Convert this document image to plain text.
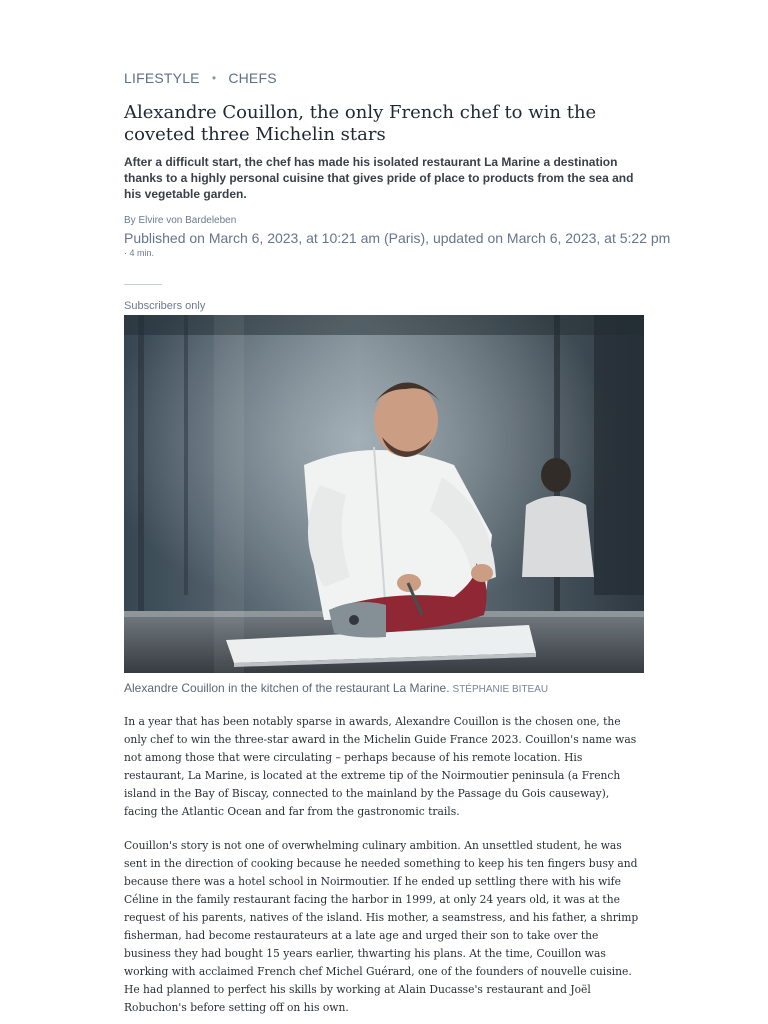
LIFESTYLE • CHEFS
Alexandre Couillon, the only French chef to win the coveted three Michelin stars

After a difficult start, the chef has made his isolated restaurant La Marine a destination thanks to a highly personal cuisine that gives pride of place to products from the sea and his vegetable garden.

By Elvire von Bardeleben
Published on March 6, 2023, at 10:21 am (Paris), updated on March 6, 2023, at 5:22 pm
· 4 min.
Subscribers only
Alexandre Couillon in the kitchen of the restaurant La Marine. STÉPHANIE BITEAU

In a year that has been notably sparse in awards, Alexandre Couillon is the chosen one, the only chef to win the three-star award in the Michelin Guide France 2023. Couillon's name was not among those that were circulating – perhaps because of his remote location. His restaurant, La Marine, is located at the extreme tip of the Noirmoutier peninsula (a French island in the Bay of Biscay, connected to the mainland by the Passage du Gois causeway), facing the Atlantic Ocean and far from the gastronomic trails.

Couillon's story is not one of overwhelming culinary ambition. An unsettled student, he was sent in the direction of cooking because he needed something to keep his ten fingers busy and because there was a hotel school in Noirmoutier. If he ended up settling there with his wife Céline in the family restaurant facing the harbor in 1999, at only 24 years old, it was at the request of his parents, natives of the island. His mother, a seamstress, and his father, a shrimp fisherman, had become restaurateurs at a late age and urged their son to take over the business they had bought 15 years earlier, thwarting his plans. At the time, Couillon was working with acclaimed French chef Michel Guérard, one of the founders of nouvelle cuisine. He had planned to perfect his skills by working at Alain Ducasse's restaurant and Joël Robuchon's before setting off on his own.
